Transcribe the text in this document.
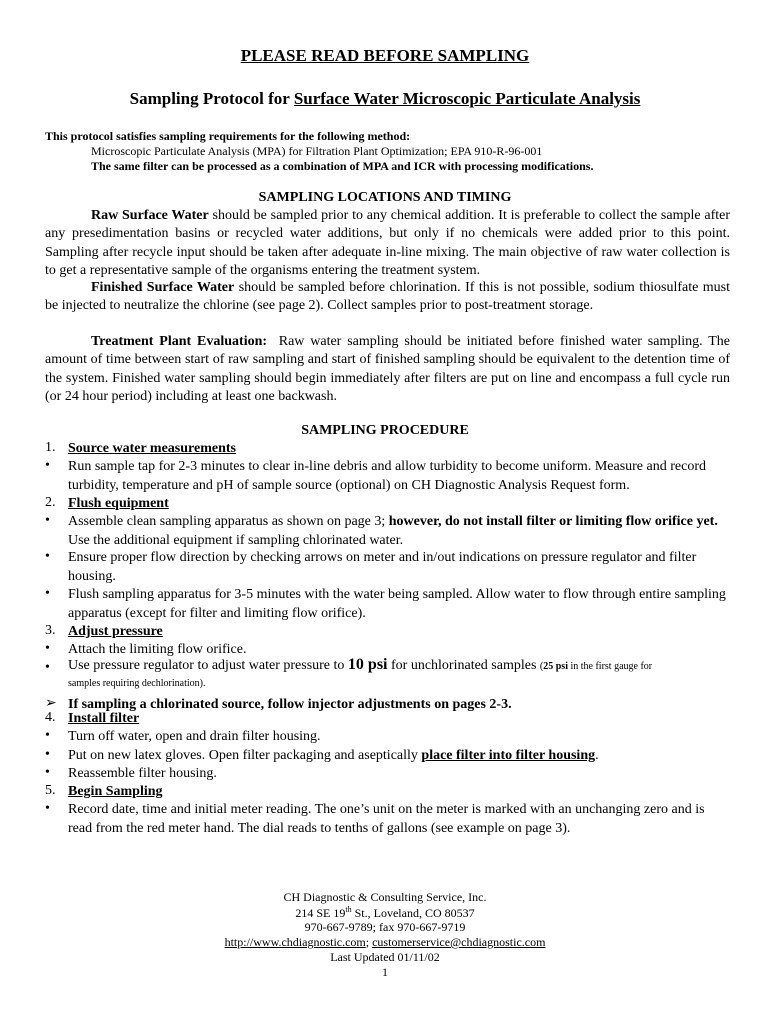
PLEASE READ BEFORE SAMPLING
Sampling Protocol for Surface Water Microscopic Particulate Analysis
This protocol satisfies sampling requirements for the following method:
Microscopic Particulate Analysis (MPA) for Filtration Plant Optimization; EPA 910-R-96-001
The same filter can be processed as a combination of MPA and ICR with processing modifications.
SAMPLING LOCATIONS AND TIMING
Raw Surface Water should be sampled prior to any chemical addition. It is preferable to collect the sample after any presedimentation basins or recycled water additions, but only if no chemicals were added prior to this point. Sampling after recycle input should be taken after adequate in-line mixing. The main objective of raw water collection is to get a representative sample of the organisms entering the treatment system.
Finished Surface Water should be sampled before chlorination. If this is not possible, sodium thiosulfate must be injected to neutralize the chlorine (see page 2). Collect samples prior to post-treatment storage.
Treatment Plant Evaluation: Raw water sampling should be initiated before finished water sampling. The amount of time between start of raw sampling and start of finished sampling should be equivalent to the detention time of the system. Finished water sampling should begin immediately after filters are put on line and encompass a full cycle run (or 24 hour period) including at least one backwash.
SAMPLING PROCEDURE
1. Source water measurements
• Run sample tap for 2-3 minutes to clear in-line debris and allow turbidity to become uniform. Measure and record turbidity, temperature and pH of sample source (optional) on CH Diagnostic Analysis Request form.
2. Flush equipment
• Assemble clean sampling apparatus as shown on page 3; however, do not install filter or limiting flow orifice yet.  Use the additional equipment if sampling chlorinated water.
• Ensure proper flow direction by checking arrows on meter and in/out indications on pressure regulator and filter housing.
• Flush sampling apparatus for 3-5 minutes with the water being sampled. Allow water to flow through entire sampling apparatus (except for filter and limiting flow orifice).
3. Adjust pressure
• Attach the limiting flow orifice.
• Use pressure regulator to adjust water pressure to 10 psi for unchlorinated samples (25 psi in the first gauge for
samples requiring dechlorination).
➢ If sampling a chlorinated source, follow injector adjustments on pages 2-3.
4. Install filter
• Turn off water, open and drain filter housing.
• Put on new latex gloves. Open filter packaging and aseptically place filter into filter housing.
• Reassemble filter housing.
5. Begin Sampling
• Record date, time and initial meter reading. The one’s unit on the meter is marked with an unchanging zero and is read from the red meter hand. The dial reads to tenths of gallons (see example on page 3).
CH Diagnostic & Consulting Service, Inc.
214 SE 19th St., Loveland, CO 80537
970-667-9789; fax 970-667-9719
http://www.chdiagnostic.com; customerservice@chdiagnostic.com
Last Updated 01/11/02
1
